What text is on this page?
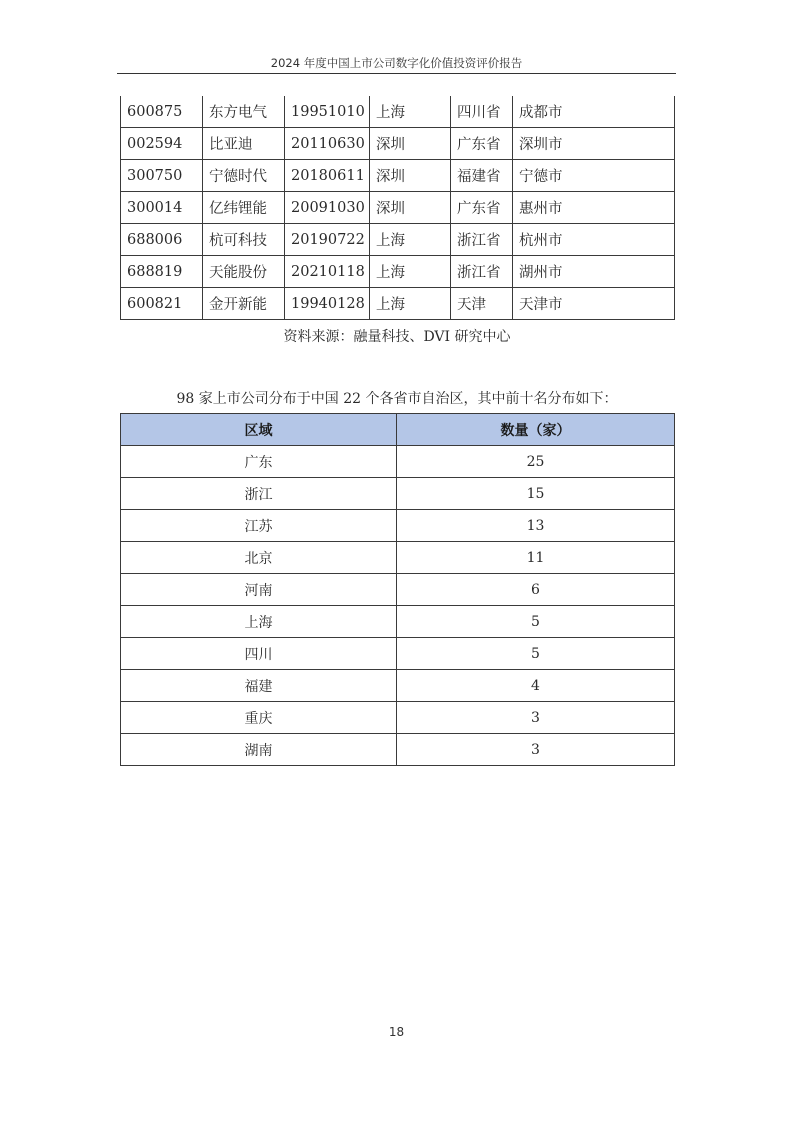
2024 年度中国上市公司数字化价值投资评价报告
600875	东方电气	19951010	上海	四川省	成都市
002594	比亚迪	20110630	深圳	广东省	深圳市
300750	宁德时代	20180611	深圳	福建省	宁德市
300014	亿纬锂能	20091030	深圳	广东省	惠州市
688006	杭可科技	20190722	上海	浙江省	杭州市
688819	天能股份	20210118	上海	浙江省	湖州市
600821	金开新能	19940128	上海	天津	天津市
资料来源：融量科技、DVI 研究中心
98 家上市公司分布于中国 22 个各省市自治区，其中前十名分布如下：
区域	数量（家）
广东	25
浙江	15
江苏	13
北京	11
河南	6
上海	5
四川	5
福建	4
重庆	3
湖南	3
18
